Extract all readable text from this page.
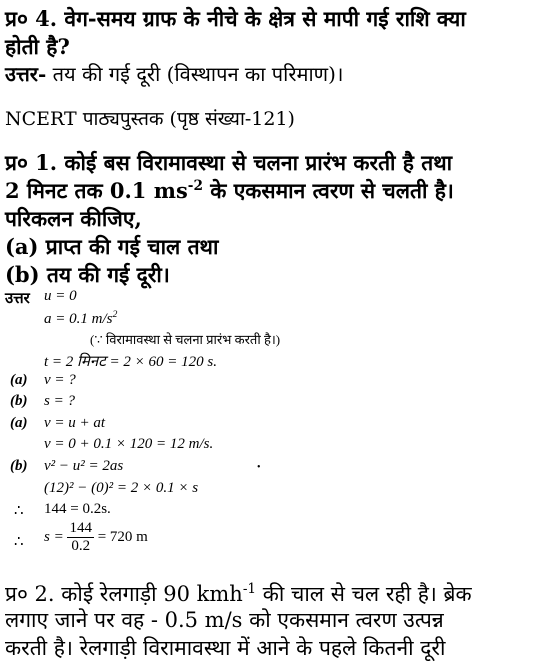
प्र० 4. वेग-समय ग्राफ के नीचे के क्षेत्र से मापी गई राशि क्या
होती है?
उत्तर- तय की गई दूरी (विस्थापन का परिमाण)।
NCERT पाठ्यपुस्तक (पृष्ठ संख्या-121)
प्र० 1. कोई बस विरामावस्था से चलना प्रारंभ करती है तथा
2 मिनट तक 0.1 $ms^{-2}$ के एकसमान त्वरण से चलती है।
परिकलन कीजिए,
(a) प्राप्त की गई चाल तथा
(b) तय की गई दूरी।
उत्तर u = 0
a = 0.1 $m/s^2$
(∵ विरामावस्था से चलना प्रारंभ करती है।)
t = 2 मिनट = 2 × 60 = 120 s.
(a) v = ?
(b) s = ?
(a) v = u + at
v = 0 + 0.1 × 120 = 12 m/s.
(b) v² − u² = 2as
(12)² − (0)² = 2 × 0.1 × s
∴ 144 = 0.2s.
∴ $s = \frac{144}{0.2} = 720$ m
•
प्र० 2. कोई रेलगाड़ी 90 kmh$^{-1}$ की चाल से चल रही है। ब्रेक
लगाए जाने पर वह - 0.5 m/s को एकसमान त्वरण उत्पन्न
करती है। रेलगाड़ी विरामावस्था में आने के पहले कितनी दूरी
